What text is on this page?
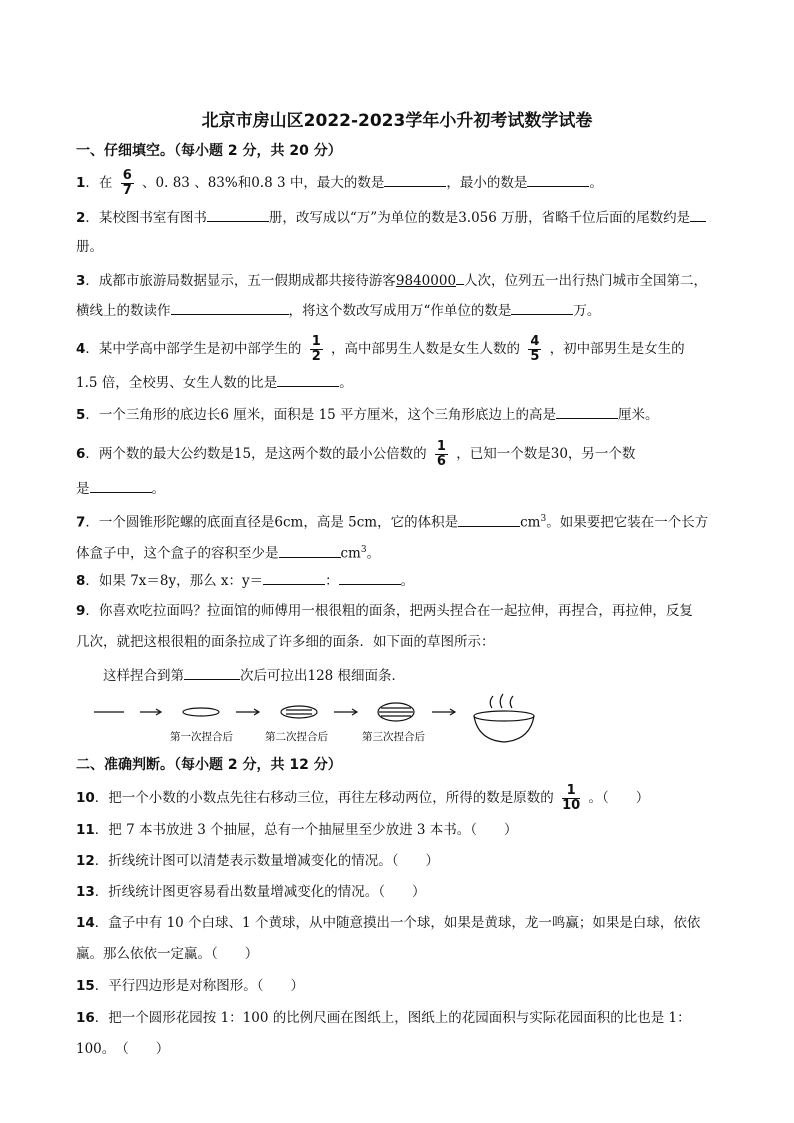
北京市房山区2022-2023学年小升初考试数学试卷
一、仔细填空。（每小题 2 分，共 20 分）
1．在 $\frac{6}{7}$ 、0. 83 、83%和0.8 3 中，最大的数是	，最小的数是	。
2．某校图书室有图书	册，改写成以“万”为单位的数是3.056 万册，省略千位后面的尾数约是
册。
3．成都市旅游局数据显示，五一假期成都共接待游客9840000 人次，位列五一出行热门城市全国第二，
横线上的数读作	，将这个数改写成用万“作单位的数是	万。
4．某中学高中部学生是初中部学生的 $\frac{1}{2}$ ，高中部男生人数是女生人数的 $\frac{4}{5}$ ，初中部男生是女生的
1.5 倍，全校男、女生人数的比是	。
5．一个三角形的底边长6 厘米，面积是 15 平方厘米，这个三角形底边上的高是	厘米。
6．两个数的最大公约数是15，是这两个数的最小公倍数的 $\frac{1}{6}$ ，已知一个数是30，另一个数
是	。
7．一个圆锥形陀螺的底面直径是6cm，高是 5cm，它的体积是	$cm^3$。如果要把它装在一个长方
体盒子中，这个盒子的容积至少是	$cm^3$。
8．如果 7x＝8y，那么 x：y＝	：	。
9．你喜欢吃拉面吗？拉面馆的师傅用一根很粗的面条，把两头捏合在一起拉伸，再捏合，再拉伸，反复
几次，就把这根很粗的面条拉成了许多细的面条．如下面的草图所示：
这样捏合到第	次后可拉出128 根细面条．
第一次捏合后	第二次捏合后	第三次捏合后
二、准确判断。（每小题 2 分，共 12 分）
10．把一个小数的小数点先往右移动三位，再往左移动两位，所得的数是原数的 $\frac{1}{10}$ 。（　　）
11．把 7 本书放进 3 个抽屉，总有一个抽屉里至少放进 3 本书。（　　）
12．折线统计图可以清楚表示数量增减变化的情况。（　　）
13．折线统计图更容易看出数量增减变化的情况。（　　）
14．盒子中有 10 个白球、1 个黄球，从中随意摸出一个球，如果是黄球，龙一鸣赢；如果是白球，依依
赢。那么依依一定赢。（　　）
15．平行四边形是对称图形。（　　）
16．把一个圆形花园按 1：100 的比例尺画在图纸上，图纸上的花园面积与实际花园面积的比也是 1：
100。　（　　）
